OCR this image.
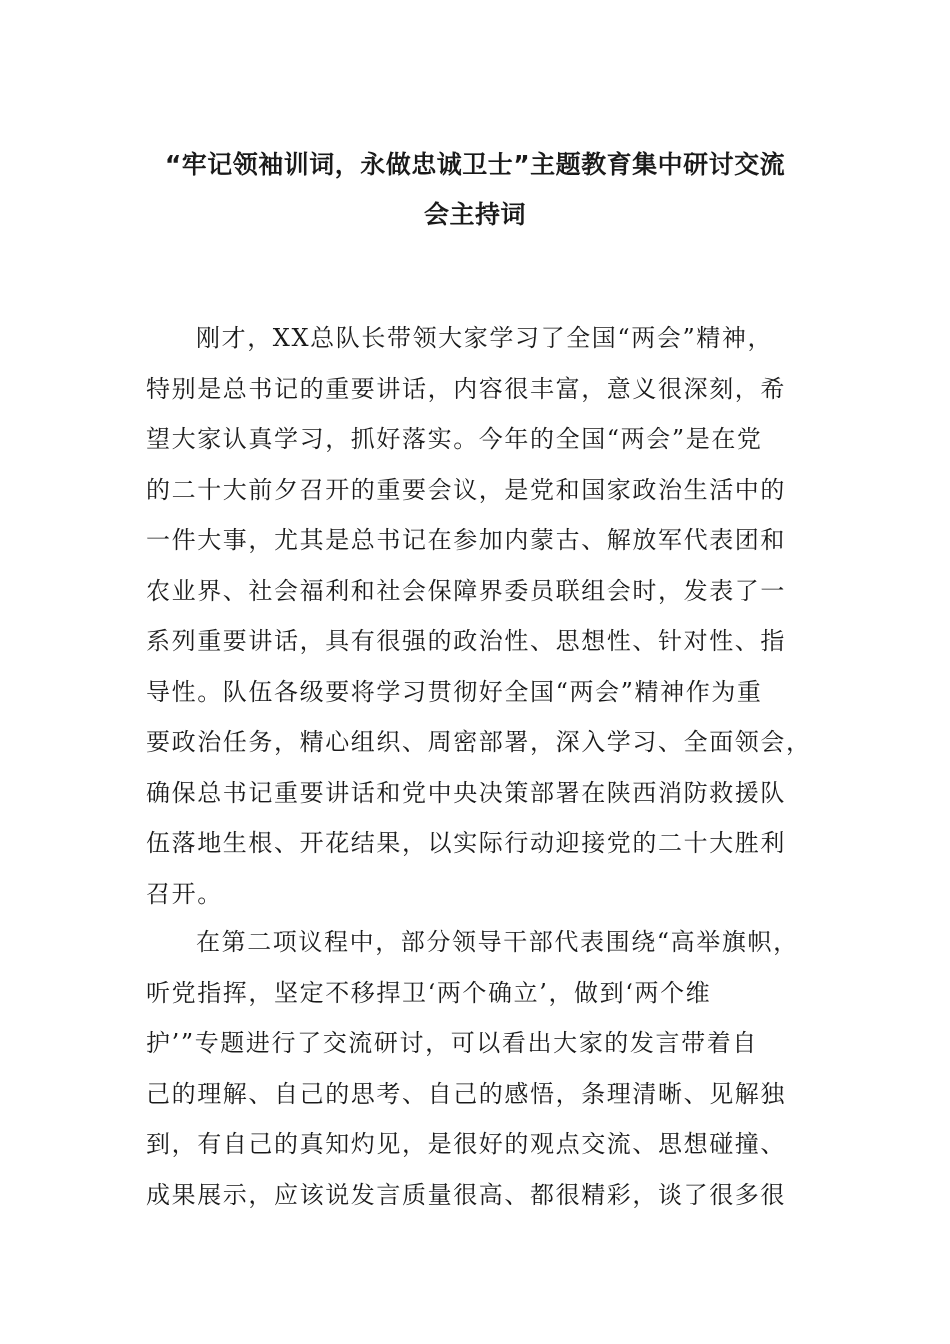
“牢记领袖训词，永做忠诚卫士”主题教育集中研讨交流
会主持词
刚才，XX总队长带领大家学习了全国“两会”精神，
特别是总书记的重要讲话，内容很丰富，意义很深刻，希
望大家认真学习，抓好落实。今年的全国“两会”是在党
的二十大前夕召开的重要会议，是党和国家政治生活中的
一件大事，尤其是总书记在参加内蒙古、解放军代表团和
农业界、社会福利和社会保障界委员联组会时，发表了一
系列重要讲话，具有很强的政治性、思想性、针对性、指
导性。队伍各级要将学习贯彻好全国“两会”精神作为重
要政治任务，精心组织、周密部署，深入学习、全面领会，
确保总书记重要讲话和党中央决策部署在陕西消防救援队
伍落地生根、开花结果，以实际行动迎接党的二十大胜利
召开。
在第二项议程中，部分领导干部代表围绕“高举旗帜，
听党指挥，坚定不移捍卫‘两个确立’，做到‘两个维
护’”专题进行了交流研讨，可以看出大家的发言带着自
己的理解、自己的思考、自己的感悟，条理清晰、见解独
到，有自己的真知灼见，是很好的观点交流、思想碰撞、
成果展示，应该说发言质量很高、都很精彩，谈了很多很
